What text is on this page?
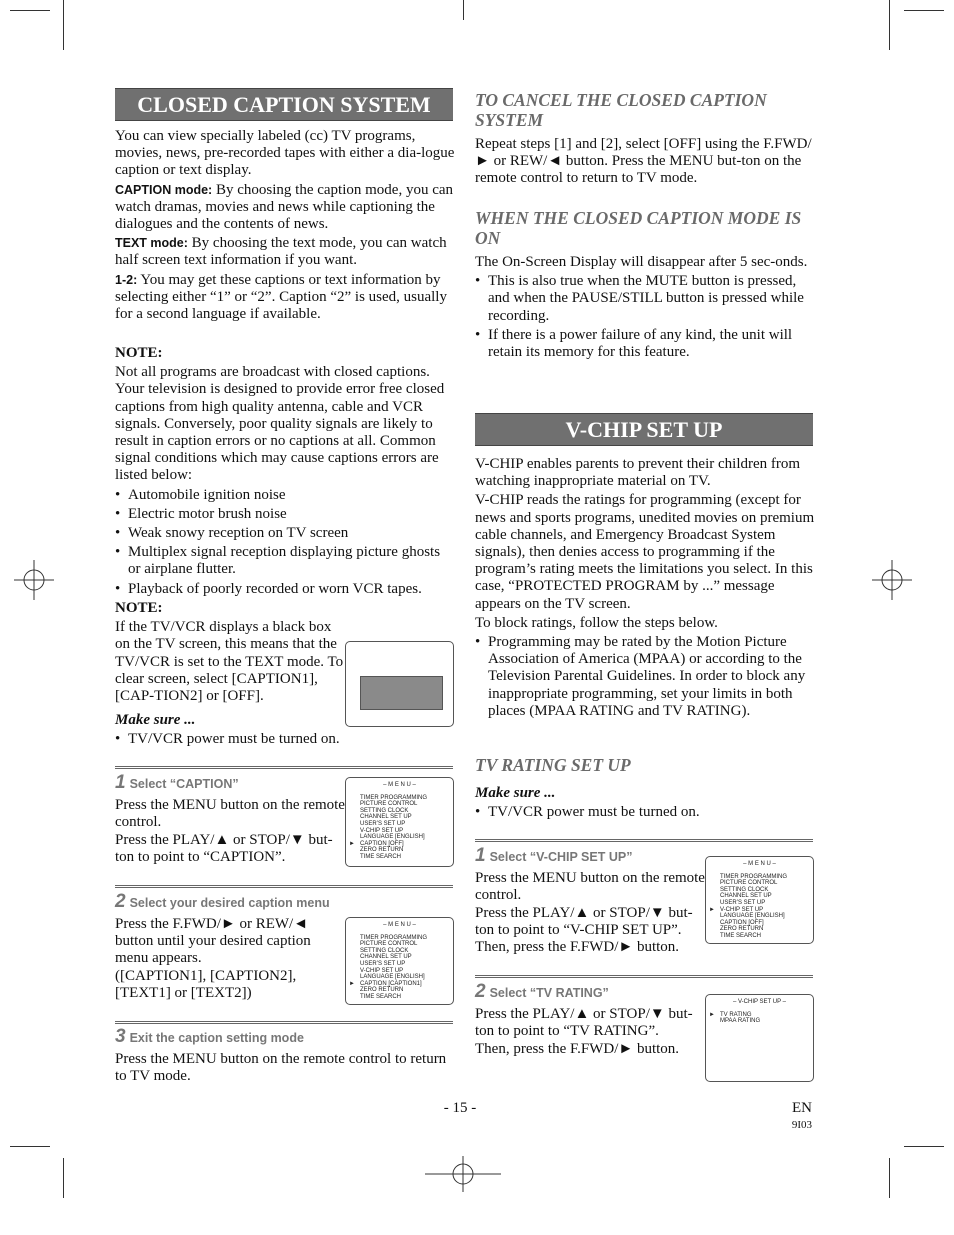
CLOSED CAPTION SYSTEM

You can view specially labeled (cc) TV programs, movies, news, pre-recorded tapes with either a dia-logue caption or text display.

CAPTION mode: By choosing the caption mode, you can watch dramas, movies and news while captioning the dialogues and the contents of news.

TEXT mode: By choosing the text mode, you can watch half screen text information if you want.

1-2: You may get these captions or text information by selecting either “1” or “2”. Caption “2” is used, usually for a second language if available.

NOTE:

Not all programs are broadcast with closed captions. Your television is designed to provide error free closed captions from high quality antenna, cable and VCR signals. Conversely, poor quality signals are likely to result in caption errors or no captions at all. Common signal conditions which may cause captions errors are listed below:

• Automobile ignition noise
• Electric motor brush noise
• Weak snowy reception on TV screen
• Multiplex signal reception displaying picture ghosts or airplane flutter.
• Playback of poorly recorded or worn VCR tapes.

NOTE:

If the TV/VCR displays a black box on the TV screen, this means that the TV/VCR is set to the TEXT mode. To clear screen, select [CAPTION1], [CAP-TION2] or [OFF].

Make sure ...

• TV/VCR power must be turned on.

1 Select “CAPTION”

Press the MENU button on the remote control.
Press the PLAY/▲ or STOP/▼ but-ton to point to “CAPTION”.

– M E N U –
TIMER PROGRAMMING
PICTURE CONTROL
SETTING CLOCK
CHANNEL SET UP
USER’S SET UP
V-CHIP SET UP
LANGUAGE [ENGLISH]
► CAPTION [OFF]
ZERO RETURN
TIME SEARCH

2 Select your desired caption menu

Press the F.FWD/► or REW/◄ button until your desired caption menu appears.
([CAPTION1], [CAPTION2], [TEXT1] or [TEXT2])

– M E N U –
TIMER PROGRAMMING
PICTURE CONTROL
SETTING CLOCK
CHANNEL SET UP
USER’S SET UP
V-CHIP SET UP
LANGUAGE [ENGLISH]
► CAPTION [CAPTION1]
ZERO RETURN
TIME SEARCH

3 Exit the caption setting mode

Press the MENU button on the remote control to return to TV mode.

TO CANCEL THE CLOSED CAPTION SYSTEM

Repeat steps [1] and [2], select [OFF] using the F.FWD/► or REW/◄ button. Press the MENU but-ton on the remote control to return to TV mode.

WHEN THE CLOSED CAPTION MODE IS ON

The On-Screen Display will disappear after 5 sec-onds.

• This is also true when the MUTE button is pressed, and when the PAUSE/STILL button is pressed while recording.
• If there is a power failure of any kind, the unit will retain its memory for this feature.
V-CHIP SET UP

V-CHIP enables parents to prevent their children from watching inappropriate material on TV.

V-CHIP reads the ratings for programming (except for news and sports programs, unedited movies on premium cable channels, and Emergency Broadcast System signals), then denies access to programming if the program’s rating meets the limitations you select. In this case, “PROTECTED PROGRAM by ...” message appears on the TV screen.

To block ratings, follow the steps below.

• Programming may be rated by the Motion Picture Association of America (MPAA) or according to the Television Parental Guidelines. In order to block any inappropriate programming, set your limits in both places (MPAA RATING and TV RATING).

TV RATING SET UP

Make sure ...

• TV/VCR power must be turned on.

1 Select “V-CHIP SET UP”

Press the MENU button on the remote control.
Press the PLAY/▲ or STOP/▼ but-ton to point to “V-CHIP SET UP”.
Then, press the F.FWD/► button.

– M E N U –
TIMER PROGRAMMING
PICTURE CONTROL
SETTING CLOCK
CHANNEL SET UP
USER’S SET UP
► V-CHIP SET UP
LANGUAGE [ENGLISH]
CAPTION [OFF]
ZERO RETURN
TIME SEARCH

2 Select “TV RATING”

Press the PLAY/▲ or STOP/▼ but-ton to point to “TV RATING”.
Then, press the F.FWD/► button.

– V-CHIP SET UP –
► TV RATING
MPAA RATING
- 15 -	EN
9I03
